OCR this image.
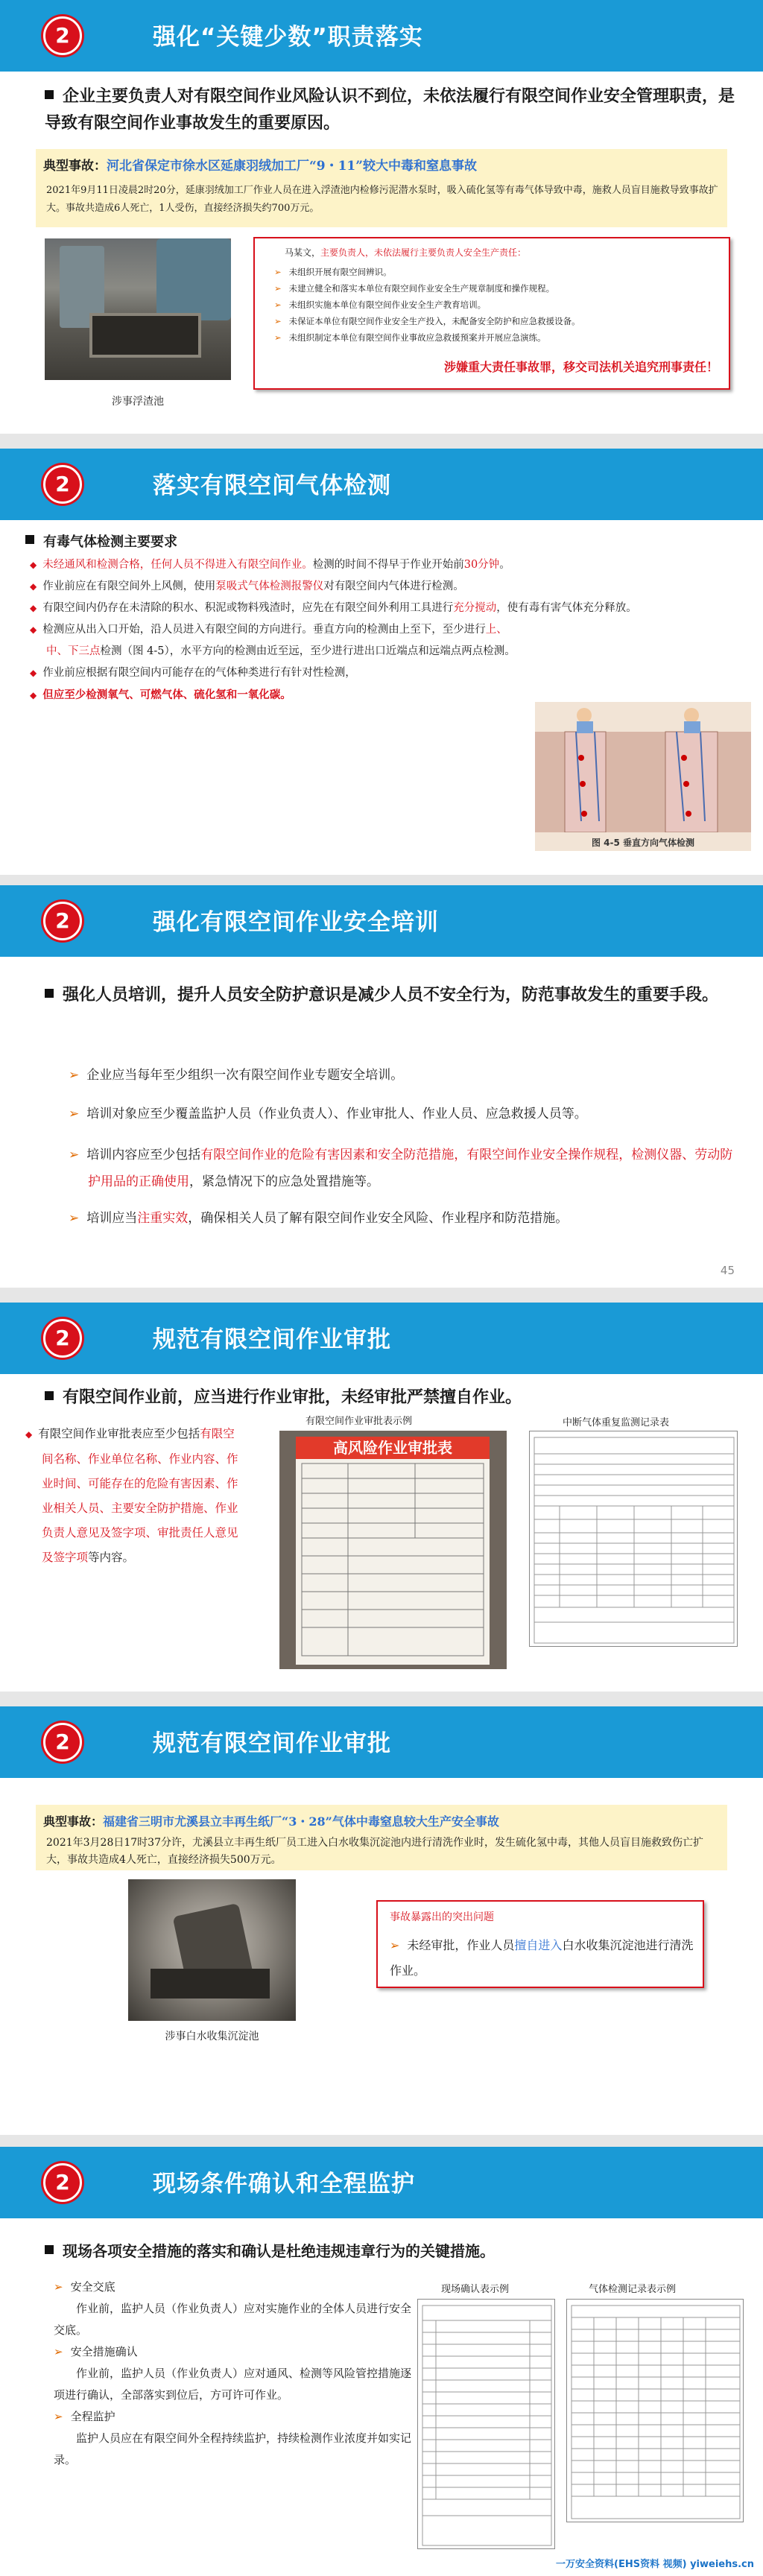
2	强化“关键少数”职责落实
企业主要负责人对有限空间作业风险认识不到位，未依法履行有限空间作业安全管理职责，是导致有限空间作业事故发生的重要原因。
典型事故：河北省保定市徐水区延康羽绒加工厂“9・11”较大中毒和窒息事故
2021年9月11日凌晨2时20分，延康羽绒加工厂作业人员在进入浮渣池内检修污泥潜水泵时，吸入硫化氢等有毒气体导致中毒，施救人员盲目施救导致事故扩大。事故共造成6人死亡，1人受伤，直接经济损失约700万元。
涉事浮渣池
马某文，主要负责人，未依法履行主要负责人安全生产责任：
➢ 未组织开展有限空间辨识。
➢ 未建立健全和落实本单位有限空间作业安全生产规章制度和操作规程。
➢ 未组织实施本单位有限空间作业安全生产教育培训。
➢ 未保证本单位有限空间作业安全生产投入，未配备安全防护和应急救援设备。
➢ 未组织制定本单位有限空间作业事故应急救援预案并开展应急演练。
涉嫌重大责任事故罪，移交司法机关追究刑事责任！
2	落实有限空间气体检测
有毒气体检测主要要求
◆ 未经通风和检测合格，任何人员不得进入有限空间作业。检测的时间不得早于作业开始前30分钟。
◆ 作业前应在有限空间外上风侧，使用泵吸式气体检测报警仪对有限空间内气体进行检测。
◆ 有限空间内仍存在未清除的积水、积泥或物料残渣时，应先在有限空间外利用工具进行充分搅动，使有毒有害气体充分释放。
◆ 检测应从出入口开始，沿人员进入有限空间的方向进行。垂直方向的检测由上至下，至少进行上、中、下三点检测（图 4-5），水平方向的检测由近至远，至少进行进出口近端点和远端点两点检测。
◆ 作业前应根据有限空间内可能存在的气体种类进行有针对性检测，
◆ 但应至少检测氧气、可燃气体、硫化氢和一氧化碳。
图 4-5 垂直方向气体检测
2	强化有限空间作业安全培训
强化人员培训，提升人员安全防护意识是减少人员不安全行为，防范事故发生的重要手段。
➢ 企业应当每年至少组织一次有限空间作业专题安全培训。
➢ 培训对象应至少覆盖监护人员（作业负责人）、作业审批人、作业人员、应急救援人员等。
➢ 培训内容应至少包括有限空间作业的危险有害因素和安全防范措施，有限空间作业安全操作规程，检测仪器、劳动防护用品的正确使用，紧急情况下的应急处置措施等。
➢ 培训应当注重实效，确保相关人员了解有限空间作业安全风险、作业程序和防范措施。
45
2	规范有限空间作业审批
有限空间作业前，应当进行作业审批，未经审批严禁擅自作业。
◆ 有限空间作业审批表应至少包括有限空间名称、作业单位名称、作业内容、作业时间、可能存在的危险有害因素、作业相关人员、主要安全防护措施、作业负责人意见及签字项、审批责任人意见及签字项等内容。
有限空间作业审批表示例
高风险作业审批表
中断气体重复监测记录表
2	规范有限空间作业审批
典型事故：福建省三明市尤溪县立丰再生纸厂“3・28”气体中毒窒息较大生产安全事故
2021年3月28日17时37分许，尤溪县立丰再生纸厂员工进入白水收集沉淀池内进行清洗作业时，发生硫化氢中毒，其他人员盲目施救致伤亡扩大，事故共造成4人死亡，直接经济损失500万元。
涉事白水收集沉淀池
事故暴露出的突出问题
➢ 未经审批，作业人员擅自进入白水收集沉淀池进行清洗作业。
2	现场条件确认和全程监护
现场各项安全措施的落实和确认是杜绝违规违章行为的关键措施。
➢ 安全交底
作业前，监护人员（作业负责人）应对实施作业的全体人员进行安全交底。
➢ 安全措施确认
作业前，监护人员（作业负责人）应对通风、检测等风险管控措施逐项进行确认，全部落实到位后，方可许可作业。
➢ 全程监护
监护人员应在有限空间外全程持续监护，持续检测作业浓度并如实记录。
现场确认表示例	气体检测记录表示例
一万安全资料(EHS资料 视频) yiweiehs.cn
